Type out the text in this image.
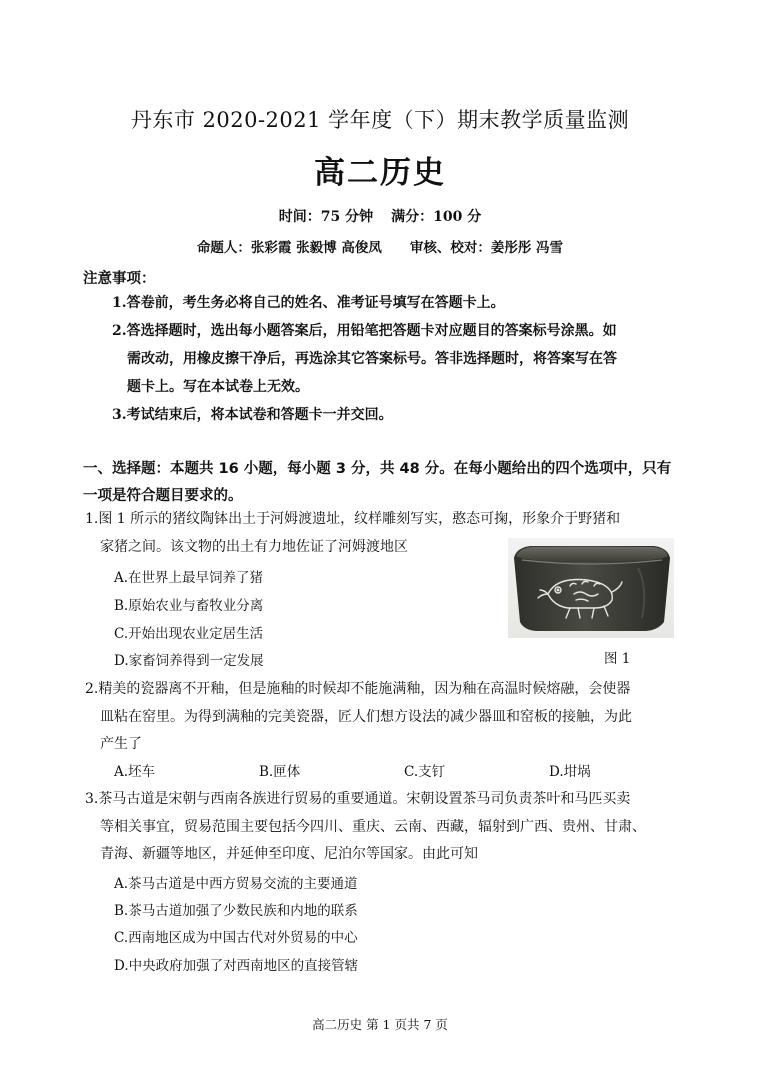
丹东市 2020-2021 学年度（下）期末教学质量监测
高二历史
时间：75 分钟 满分：100 分
命题人：张彩霞 张毅博 高俊凤 审核、校对：姜彤彤 冯雪
注意事项：
1.答卷前，考生务必将自己的姓名、准考证号填写在答题卡上。
2.答选择题时，选出每小题答案后，用铅笔把答题卡对应题目的答案标号涂黑。如
需改动，用橡皮擦干净后，再选涂其它答案标号。答非选择题时，将答案写在答
题卡上。写在本试卷上无效。
3.考试结束后，将本试卷和答题卡一并交回。
一、选择题：本题共 16 小题，每小题 3 分，共 48 分。在每小题给出的四个选项中，只有
一项是符合题目要求的。
1.图 1 所示的猪纹陶钵出土于河姆渡遗址，纹样雕刻写实，憨态可掬，形象介于野猪和
家猪之间。该文物的出土有力地佐证了河姆渡地区
A.在世界上最早饲养了猪
B.原始农业与畜牧业分离
C.开始出现农业定居生活
D.家畜饲养得到一定发展	图 1
2.精美的瓷器离不开釉，但是施釉的时候却不能施满釉，因为釉在高温时候熔融，会使器
皿粘在窑里。为得到满釉的完美瓷器，匠人们想方设法的减少器皿和窑板的接触，为此
产生了
A.坯车	B.匣体	C.支钉	D.坩埚
3.茶马古道是宋朝与西南各族进行贸易的重要通道。宋朝设置茶马司负责茶叶和马匹买卖
等相关事宜，贸易范围主要包括今四川、重庆、云南、西藏，辐射到广西、贵州、甘肃、
青海、新疆等地区，并延伸至印度、尼泊尔等国家。由此可知
A.茶马古道是中西方贸易交流的主要通道
B.茶马古道加强了少数民族和内地的联系
C.西南地区成为中国古代对外贸易的中心
D.中央政府加强了对西南地区的直接管辖
高二历史 第 1 页共 7 页
